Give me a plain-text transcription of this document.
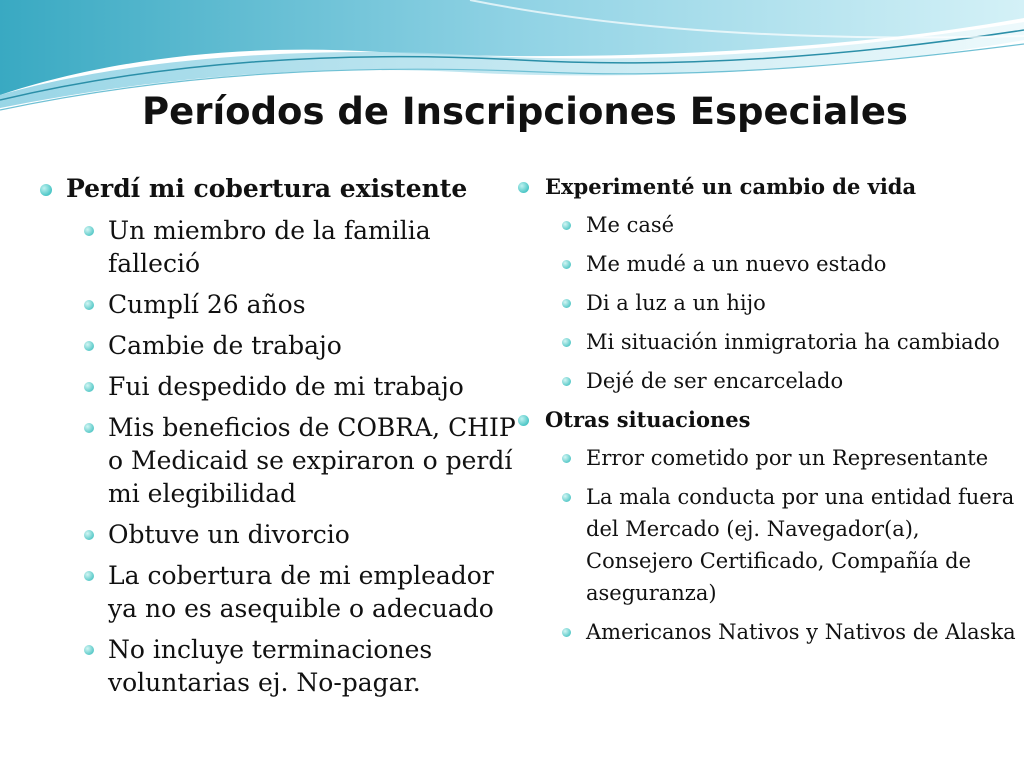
Períodos de Inscripciones Especiales
Perdí mi cobertura existente
Un miembro de la familia falleció
Cumplí 26 años
Cambie de trabajo
Fui despedido de mi trabajo
Mis beneficios de COBRA, CHIP o Medicaid se expiraron o perdí mi elegibilidad
Obtuve un divorcio
La cobertura de mi empleador ya no es asequible o adecuado
No incluye terminaciones voluntarias ej. No-pagar.
Experimenté un cambio de vida
Me casé
Me mudé a un nuevo estado
Di a luz a un hijo
Mi situación inmigratoria ha cambiado
Dejé de ser encarcelado
Otras situaciones
Error cometido por un Representante
La mala conducta por una entidad fuera del Mercado (ej. Navegador(a), Consejero Certificado, Compañía de aseguranza)
Americanos Nativos y Nativos de Alaska
